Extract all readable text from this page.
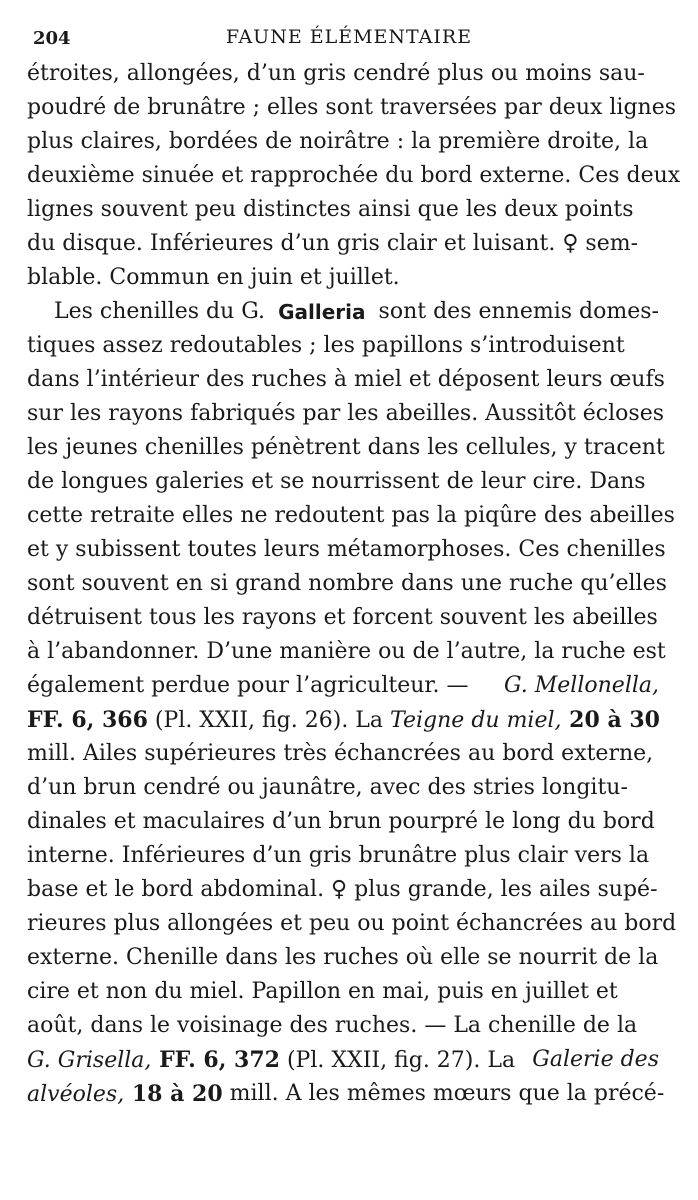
204	FAUNE ÉLÉMENTAIRE
étroites, allongées, d’un gris cendré plus ou moins sau-
poudré de brunâtre ; elles sont traversées par deux lignes
plus claires, bordées de noirâtre : la première droite, la
deuxième sinuée et rapprochée du bord externe. Ces deux
lignes souvent peu distinctes ainsi que les deux points
du disque. Inférieures d’un gris clair et luisant. ♀ sem-
blable. Commun en juin et juillet.
Les chenilles du G. Galleria sont des ennemis domes-
tiques assez redoutables ; les papillons s’introduisent
dans l’intérieur des ruches à miel et déposent leurs œufs
sur les rayons fabriqués par les abeilles. Aussitôt écloses
les jeunes chenilles pénètrent dans les cellules, y tracent
de longues galeries et se nourrissent de leur cire. Dans
cette retraite elles ne redoutent pas la piqûre des abeilles
et y subissent toutes leurs métamorphoses. Ces chenilles
sont souvent en si grand nombre dans une ruche qu’elles
détruisent tous les rayons et forcent souvent les abeilles
à l’abandonner. D’une manière ou de l’autre, la ruche est
également perdue pour l’agriculteur. — G. Mellonella,
FF. 6, 366 (Pl. XXII, fig. 26). La Teigne du miel, 20 à 30
mill. Ailes supérieures très échancrées au bord externe,
d’un brun cendré ou jaunâtre, avec des stries longitu-
dinales et maculaires d’un brun pourpré le long du bord
interne. Inférieures d’un gris brunâtre plus clair vers la
base et le bord abdominal. ♀ plus grande, les ailes supé-
rieures plus allongées et peu ou point échancrées au bord
externe. Chenille dans les ruches où elle se nourrit de la
cire et non du miel. Papillon en mai, puis en juillet et
août, dans le voisinage des ruches. — La chenille de la
G. Grisella, FF. 6, 372 (Pl. XXII, fig. 27). La Galerie des
alvéoles, 18 à 20 mill. A les mêmes mœurs que la précé-
